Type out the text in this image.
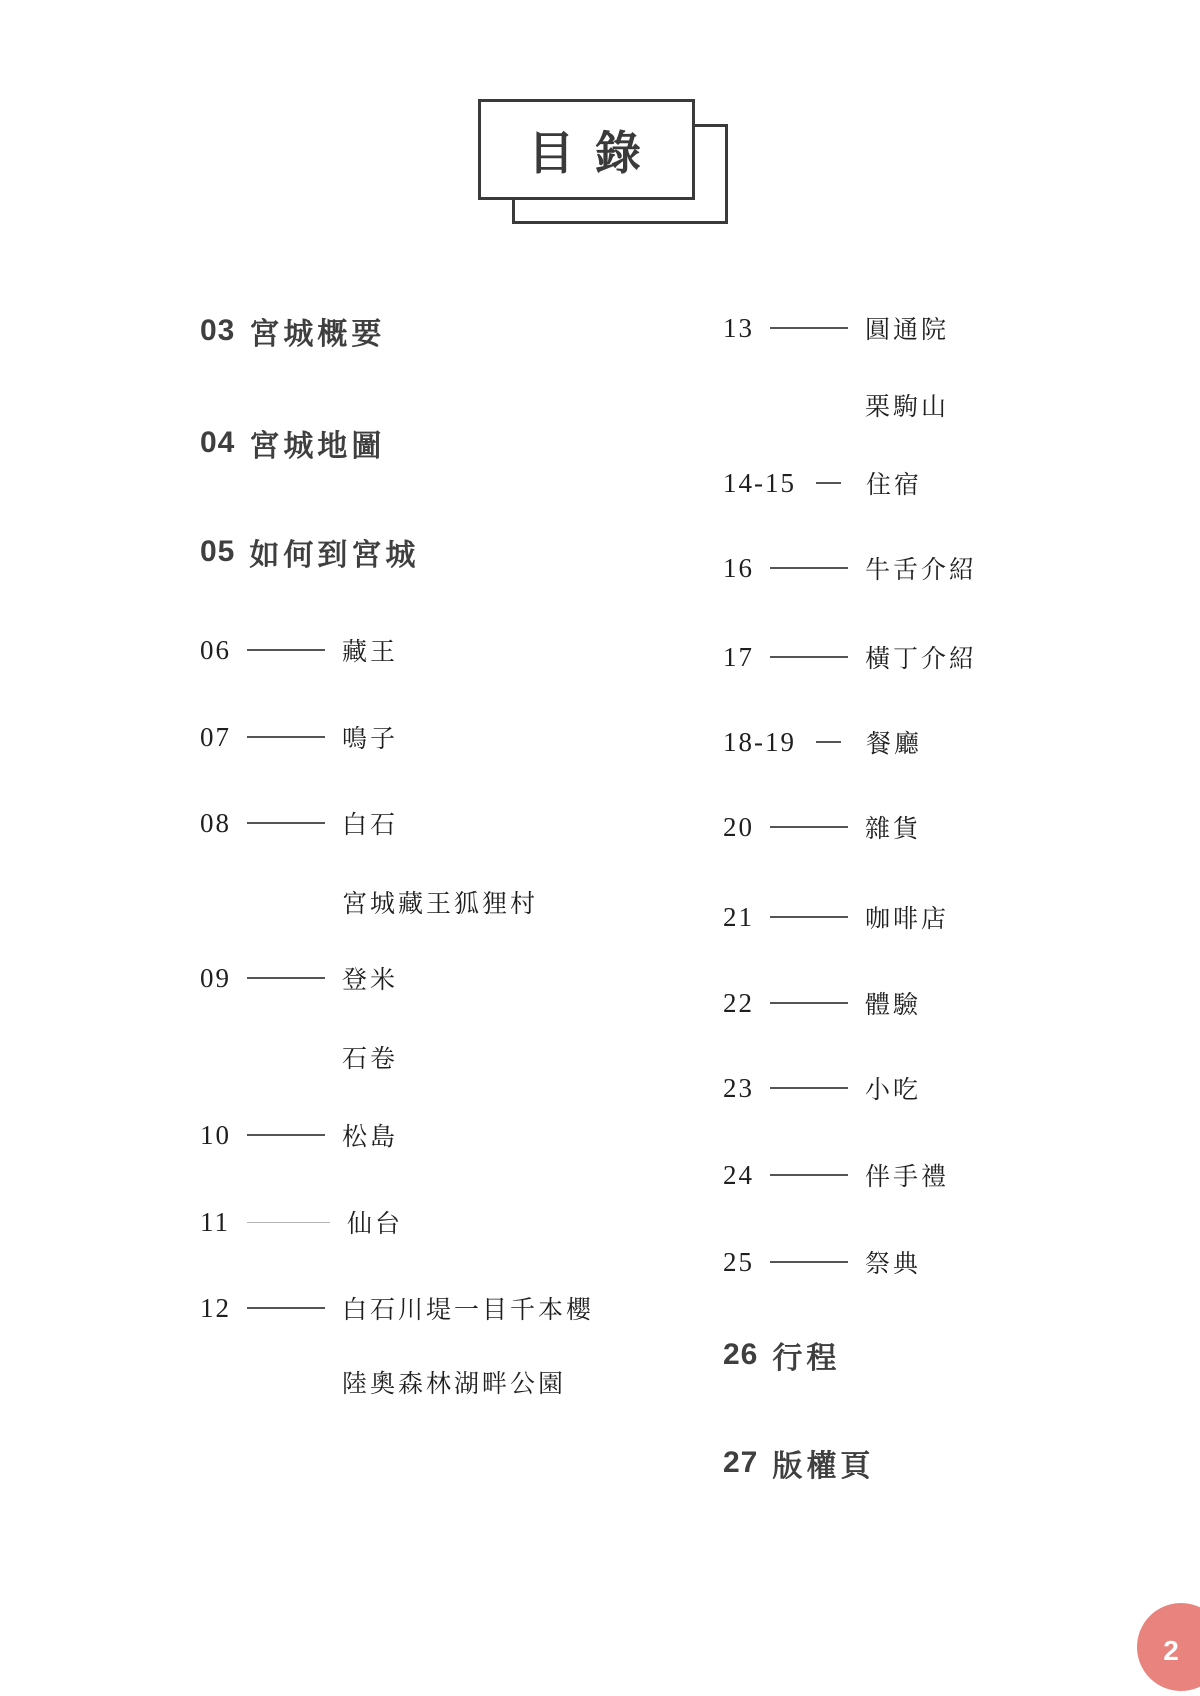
目 錄
03 宮城概要
04 宮城地圖
05 如何到宮城
06	藏王
07	鳴子
08	白石
宮城藏王狐狸村
09	登米
石卷
10	松島
11	仙台
12	白石川堤一目千本櫻
陸奧森林湖畔公園
13	圓通院
栗駒山
14-15	住宿
16	牛舌介紹
17	橫丁介紹
18-19	餐廳
20	雜貨
21	咖啡店
22	體驗
23	小吃
24	伴手禮
25	祭典
26 行程
27 版權頁
2
